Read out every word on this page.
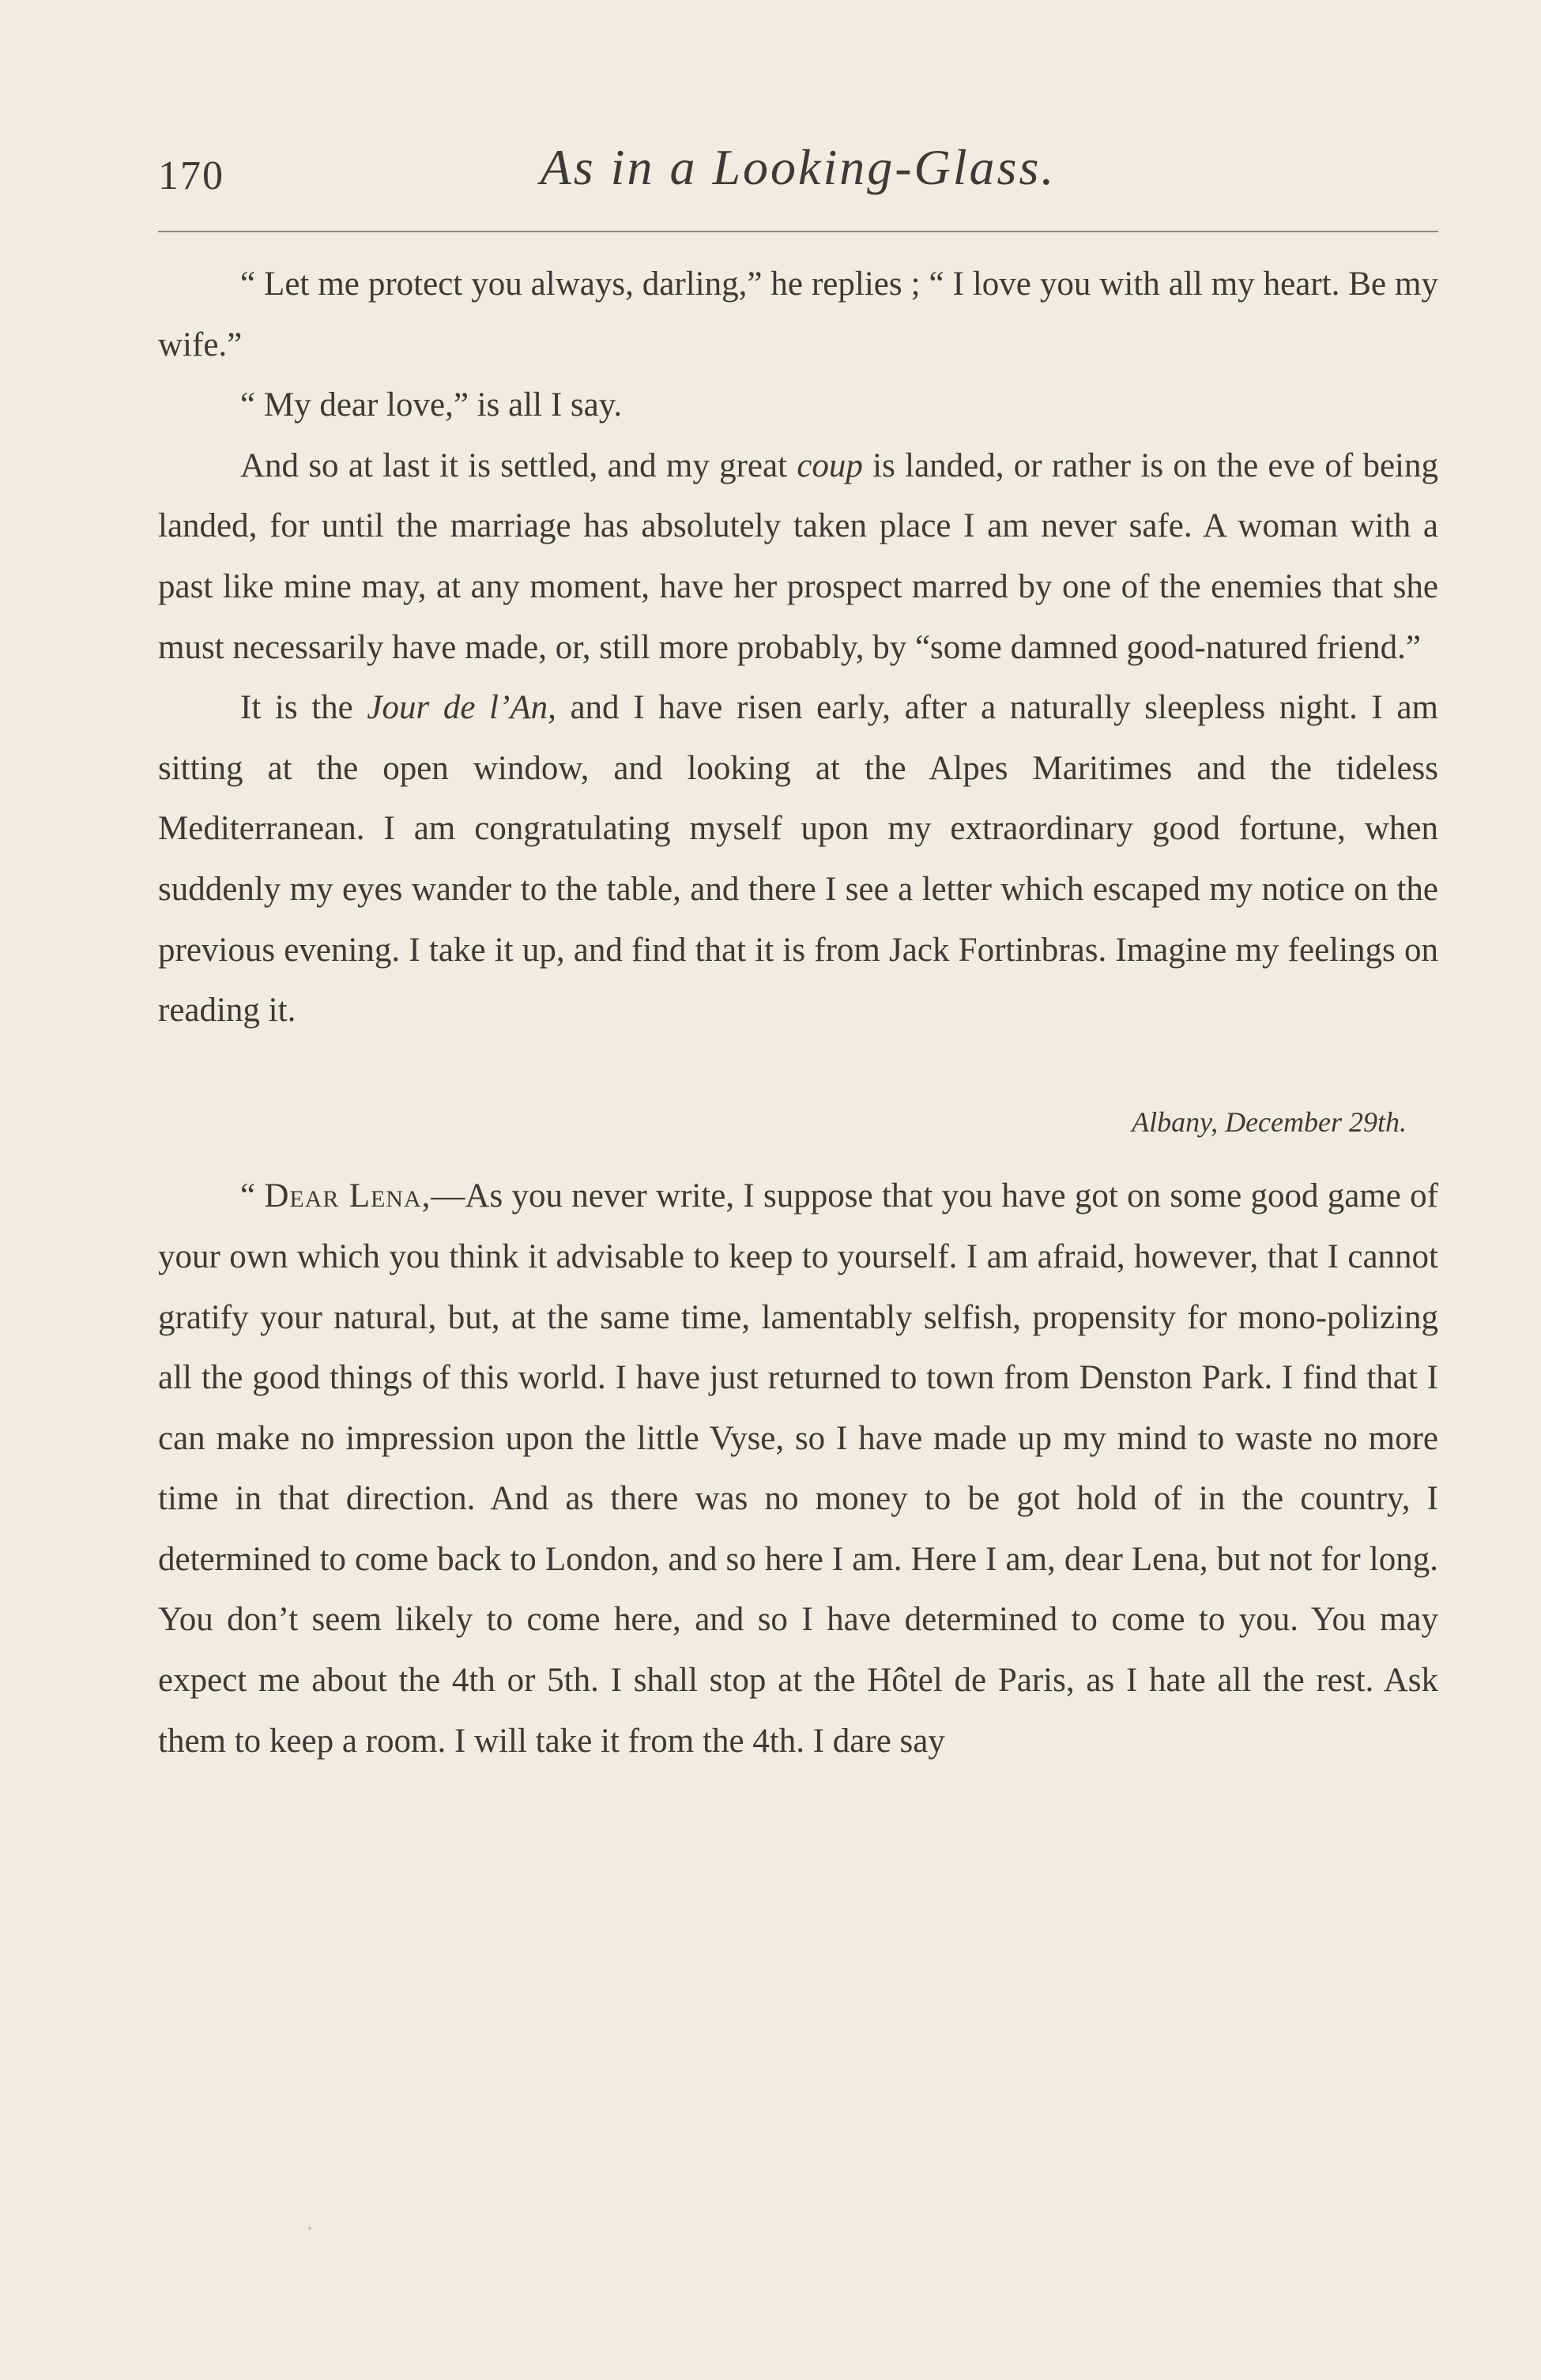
170	As in a Looking-Glass.

“ Let me protect you always, darling,” he replies ; “ I love you with all my heart. Be my wife.”

“ My dear love,” is all I say.

And so at last it is settled, and my great coup is landed, or rather is on the eve of being landed, for until the marriage has absolutely taken place I am never safe. A woman with a past like mine may, at any moment, have her prospect marred by one of the enemies that she must necessarily have made, or, still more probably, by “some damned good-natured friend.”

It is the Jour de l’An, and I have risen early, after a naturally sleepless night. I am sitting at the open window, and looking at the Alpes Maritimes and the tideless Mediterranean. I am congratulating myself upon my extraordinary good fortune, when suddenly my eyes wander to the table, and there I see a letter which escaped my notice on the previous evening. I take it up, and find that it is from Jack Fortinbras. Imagine my feelings on reading it.

Albany, December 29th.

“ Dear Lena,—As you never write, I suppose that you have got on some good game of your own which you think it advisable to keep to yourself. I am afraid, however, that I cannot gratify your natural, but, at the same time, lamentably selfish, propensity for mono-polizing all the good things of this world. I have just returned to town from Denston Park. I find that I can make no impression upon the little Vyse, so I have made up my mind to waste no more time in that direction. And as there was no money to be got hold of in the country, I determined to come back to London, and so here I am. Here I am, dear Lena, but not for long. You don’t seem likely to come here, and so I have determined to come to you. You may expect me about the 4th or 5th. I shall stop at the Hôtel de Paris, as I hate all the rest. Ask them to keep a room. I will take it from the 4th. I dare say
